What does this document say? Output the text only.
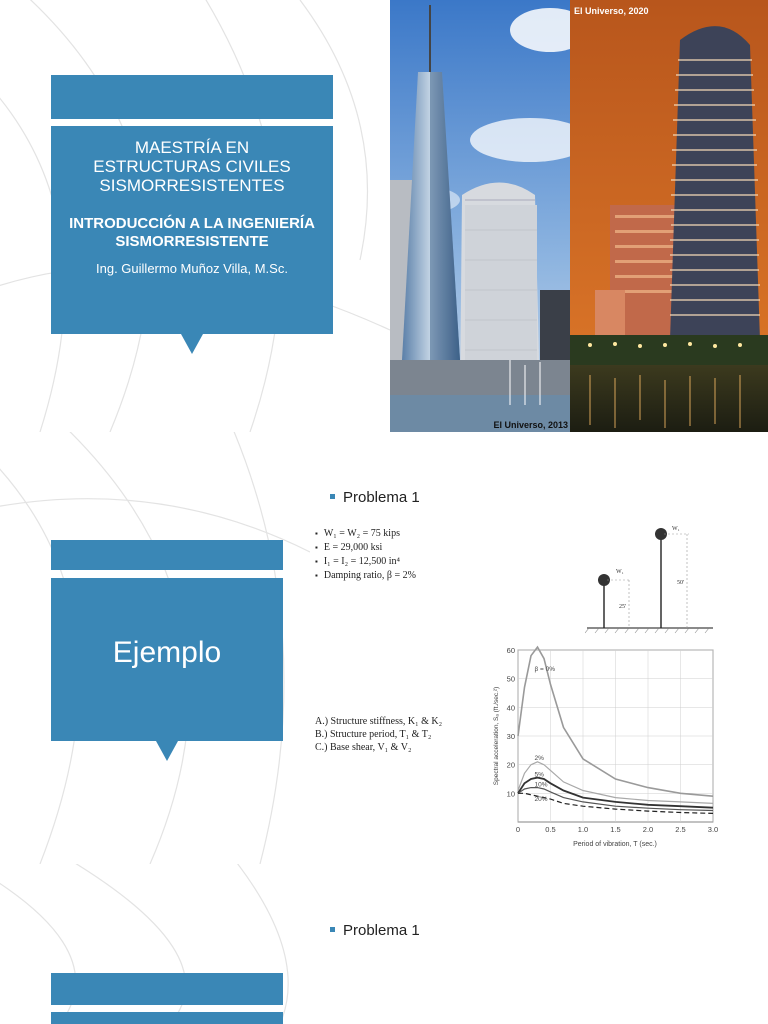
MAESTRÍA EN
ESTRUCTURAS CIVILES
SISMORRESISTENTES
INTRODUCCIÓN A LA INGENIERÍA
SISMORRESISTENTE
Ing. Guillermo Muñoz Villa, M.Sc.
El Universo, 2013
El Universo, 2020
Ejemplo
Problema 1
▪ W₁ = W₂ = 75 kips
▪ E = 29,000 ksi
▪ I₁ = I₂ = 12,500 in⁴
▪ Damping ratio, β = 2%
A.) Structure stiffness, K₁ & K₂
B.) Structure period, T₁ & T₂
C.) Base shear, V₁ & V₂
W₁
W₁
25'
50'
0	0.5	1.0	1.5	2.0	2.5	3.0
10
20
30
40
50
60
β = 0%
2%
5%
10%
20%
Period of vibration, T (sec.)
Spectral acceleration, Sₐ (ft./sec.²)
Problema 1
